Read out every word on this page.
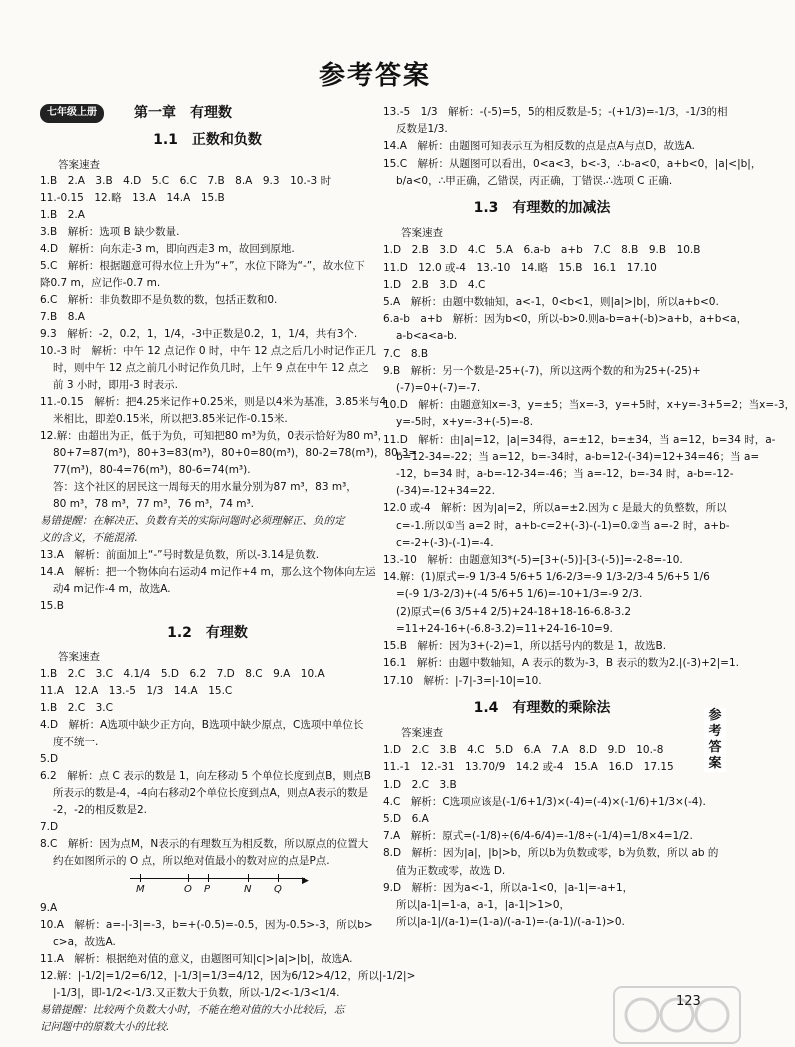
参考答案
七年级上册	第一章　有理数
1.1　正数和负数
答案速查
1.B　2.A　3.B　4.D　5.C　6.C　7.B　8.A　9.3　10.-3 时
11.-0.15　12.略　13.A　14.A　15.B
1.B　2.A
3.B　解析：选项 B 缺少数量.
4.D　解析：向东走-3 m，即向西走3 m，故回到原地.
5.C　解析：根据题意可得水位上升为“+”，水位下降为“-”，故水位下
降0.7 m，应记作-0.7 m.
6.C　解析：非负数即不是负数的数，包括正数和0.
7.B　8.A
9.3　解析：-2，0.2，1，1/4，-3中正数是0.2，1，1/4，共有3个.
10.-3 时　解析：中午 12 点记作 0 时，中午 12 点之后几小时记作正几
时，则中午 12 点之前几小时记作负几时，上午 9 点在中午 12 点之
前 3 小时，即用-3 时表示.
11.-0.15　解析：把4.25米记作+0.25米，则是以4米为基准，3.85米与4
米相比，即差0.15米，所以把3.85米记作-0.15米.
12.解：由超出为正，低于为负，可知把80 m³为负，0表示恰好为80 m³，
80+7=87(m³)，80+3=83(m³)，80+0=80(m³)，80-2=78(m³)，80-3=
77(m³)，80-4=76(m³)，80-6=74(m³).
答：这个社区的居民这一周每天的用水量分别为87 m³，83 m³，
80 m³，78 m³，77 m³，76 m³，74 m³.
易错提醒：在解决正、负数有关的实际问题时必须理解正、负的定
义的含义，不能混淆.
13.A　解析：前面加上“-”号时数是负数，所以-3.14是负数.
14.A　解析：把一个物体向右运动4 m记作+4 m，那么这个物体向左运
动4 m记作-4 m，故选A.
15.B
1.2　有理数
答案速查
1.B　2.C　3.C　4.1/4　5.D　6.2　7.D　8.C　9.A　10.A
11.A　12.A　13.-5　1/3　14.A　15.C
1.B　2.C　3.C
4.D　解析：A选项中缺少正方向，B选项中缺少原点，C选项中单位长
度不统一.
5.D
6.2　解析：点 C 表示的数是 1，向左移动 5 个单位长度到点B，则点B
所表示的数是-4，-4向右移动2个单位长度到点A，则点A表示的数是
-2，-2的相反数是2.
7.D
8.C　解析：因为点M，N表示的有理数互为相反数，所以原点的位置大
约在如图所示的 O 点，所以绝对值最小的数对应的点是P点.
▶
M	O P	N Q
9.A
10.A　解析：a=-|-3|=-3，b=+(-0.5)=-0.5，因为-0.5>-3，所以b>
c>a，故选A.
11.A　解析：根据绝对值的意义，由题图可知|c|>|a|>|b|，故选A.
12.解：|-1/2|=1/2=6/12，|-1/3|=1/3=4/12，因为6/12>4/12，所以|-1/2|>
|-1/3|，即-1/2<-1/3.又正数大于负数，所以-1/2<-1/3<1/4.
易错提醒：比较两个负数大小时，不能在绝对值的大小比较后，忘
记问题中的原数大小的比较.
13.-5　1/3　解析：-(-5)=5，5的相反数是-5；-(+1/3)=-1/3，-1/3的相
反数是1/3.
14.A　解析：由题图可知表示互为相反数的点是点A与点D，故选A.
15.C　解析：从题图可以看出，0<a<3，b<-3，∴b-a<0，a+b<0，|a|<|b|，
b/a<0，∴甲正确，乙错误，丙正确，丁错误.∴选项 C 正确.
1.3　有理数的加减法
答案速查
1.D　2.B　3.D　4.C　5.A　6.a-b　a+b　7.C　8.B　9.B　10.B
11.D　12.0 或-4　13.-10　14.略　15.B　16.1　17.10
1.D　2.B　3.D　4.C
5.A　解析：由题中数轴知，a<-1，0<b<1，则|a|>|b|，所以a+b<0.
6.a-b　a+b　解析：因为b<0，所以-b>0.则a-b=a+(-b)>a+b，a+b<a，
a-b<a<a-b.
7.C　8.B
9.B　解析：另一个数是-25+(-7)，所以这两个数的和为25+(-25)+
(-7)=0+(-7)=-7.
10.D　解析：由题意知x=-3，y=±5；当x=-3，y=+5时，x+y=-3+5=2；当x=-3，
y=-5时，x+y=-3+(-5)=-8.
11.D　解析：由|a|=12，|a|=34得，a=±12，b=±34，当 a=12，b=34 时，a-
b=12-34=-22；当 a=12，b=-34时，a-b=12-(-34)=12+34=46；当 a=
-12，b=34 时，a-b=-12-34=-46；当 a=-12，b=-34 时，a-b=-12-
(-34)=-12+34=22.
12.0 或-4　解析：因为|a|=2，所以a=±2.因为 c 是最大的负整数，所以
c=-1.所以①当 a=2 时，a+b-c=2+(-3)-(-1)=0.②当 a=-2 时，a+b-
c=-2+(-3)-(-1)=-4.
13.-10　解析：由题意知3*(-5)=[3+(-5)]-[3-(-5)]=-2-8=-10.
14.解：(1)原式=-9 1/3-4 5/6+5 1/6-2/3=-9 1/3-2/3-4 5/6+5 1/6
=(-9 1/3-2/3)+(-4 5/6+5 1/6)=-10+1/3=-9 2/3.
(2)原式=(6 3/5+4 2/5)+24-18+18-16-6.8-3.2
=11+24-16+(-6.8-3.2)=11+24-16-10=9.
15.B　解析：因为3+(-2)=1，所以括号内的数是 1，故选B.
16.1　解析：由题中数轴知，A 表示的数为-3，B 表示的数为2.|(-3)+2|=1.
17.10　解析：|-7|-3=|-10|=10.
1.4　有理数的乘除法
答案速查
1.D　2.C　3.B　4.C　5.D　6.A　7.A　8.D　9.D　10.-8
11.-1　12.-31　13.70/9　14.2 或-4　15.A　16.D　17.15
1.D　2.C　3.B
4.C　解析：C选项应该是(-1/6+1/3)×(-4)=(-4)×(-1/6)+1/3×(-4).
5.D　6.A
7.A　解析：原式=(-1/8)÷(6/4-6/4)=-1/8÷(-1/4)=1/8×4=1/2.
8.D　解析：因为|a|，|b|>b，所以b为负数或零，b为负数，所以 ab 的
值为正数或零，故选 D.
9.D　解析：因为a<-1，所以a-1<0，|a-1|=-a+1，
所以|a-1|=1-a，a-1，|a-1|>1>0，
所以|a-1|/(a-1)=(1-a)/(-a-1)=-(a-1)/(-a-1)>0.
参
考
答
案
123
